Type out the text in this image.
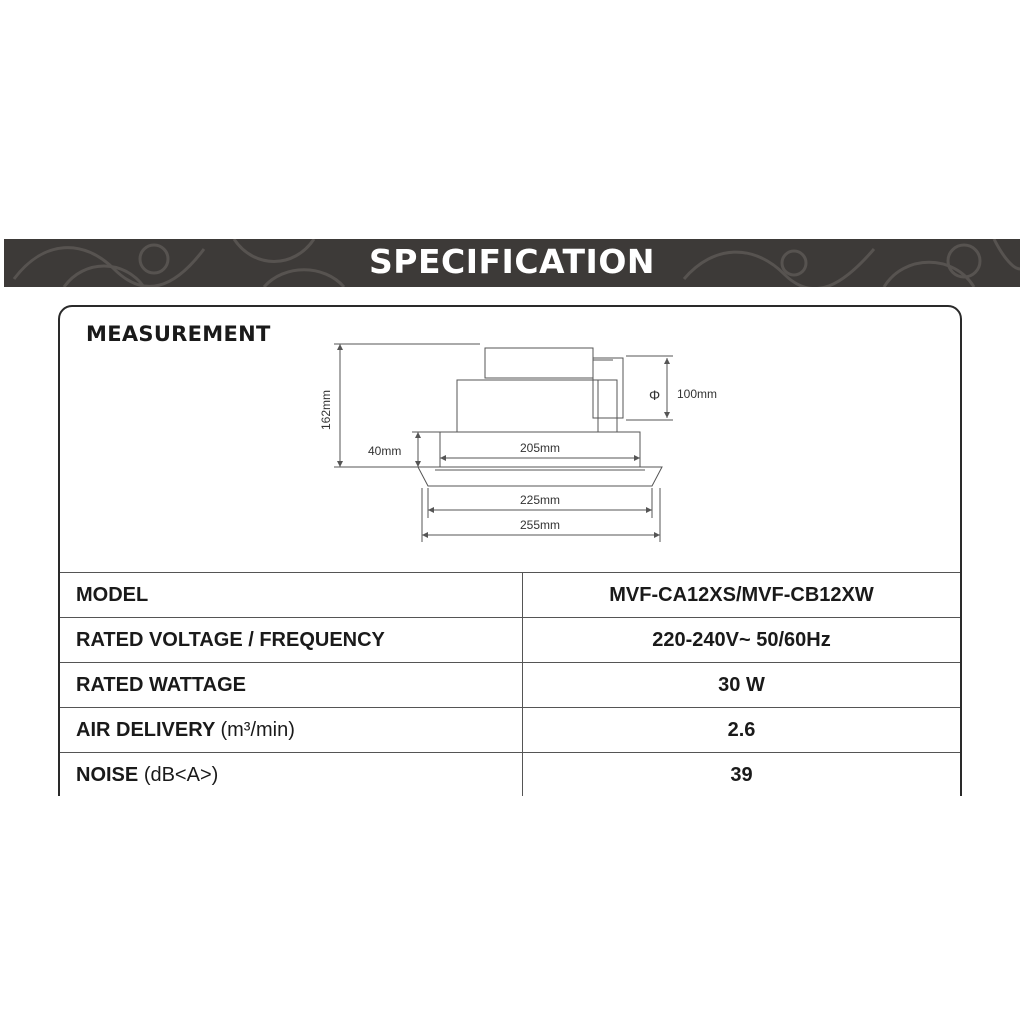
SPECIFICATION
MEASUREMENT
162mm
40mm
Φ 100mm
205mm
225mm
255mm
MODEL	MVF-CA12XS/MVF-CB12XW
RATED VOLTAGE / FREQUENCY	220-240V~ 50/60Hz
RATED WATTAGE	30 W
AIR DELIVERY (m³/min)	2.6
NOISE (dB<A>)	39
